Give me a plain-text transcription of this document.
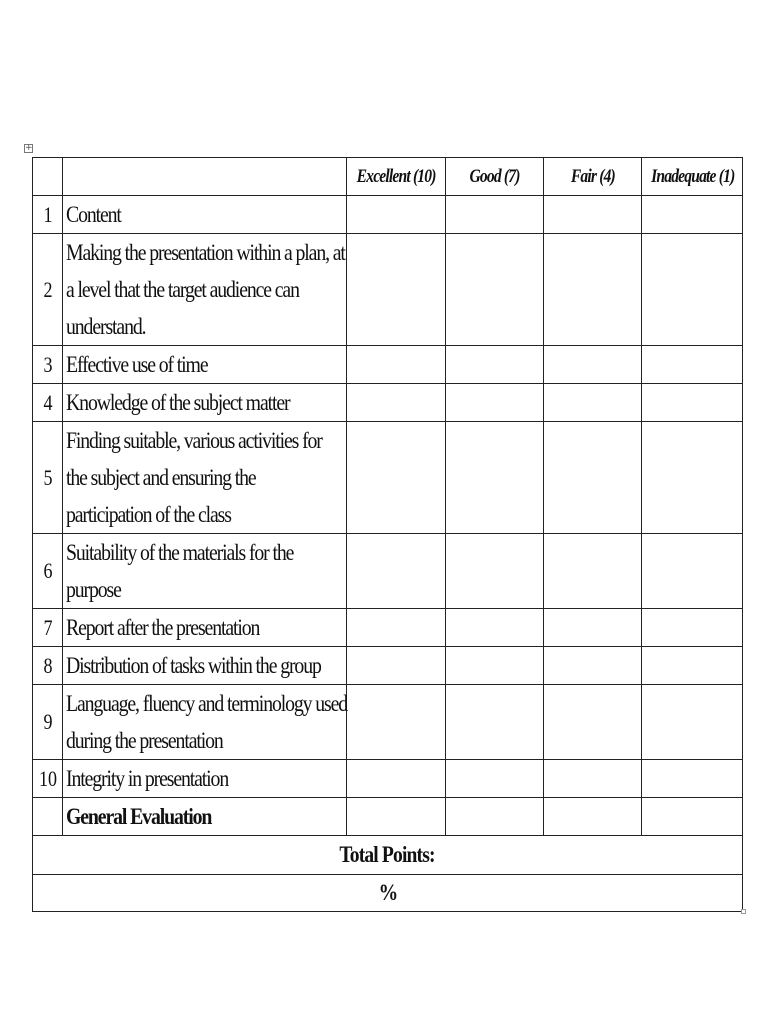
+
		Excellent (10)	Good (7)	Fair (4)	Inadequate (1)
1	Content				

2	Making the presentation within a plan, at
a level that the target audience can
understand.				

3	Effective use of time				

4	Knowledge of the subject matter				

5	Finding suitable, various activities for
the subject and ensuring the
participation of the class				

6	Suitability of the materials for the
purpose				

7	Report after the presentation				

8	Distribution of tasks within the group				

9	Language, fluency and terminology used
during the presentation				

10	Integrity in presentation				

	General Evaluation				

Total Points:					
%					
